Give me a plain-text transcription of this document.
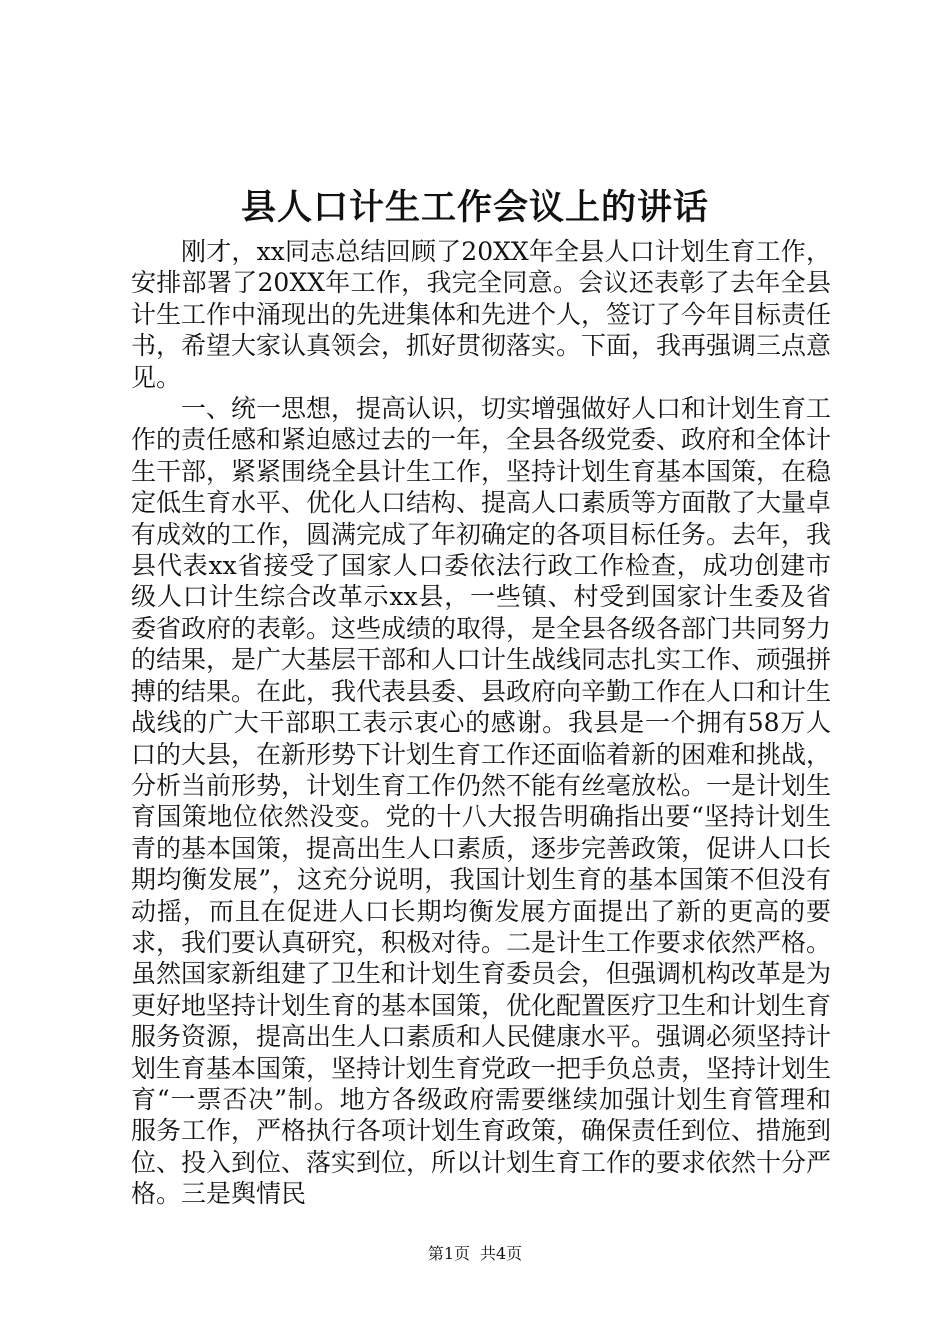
县人口计生工作会议上的讲话

刚才，xx同志总结回顾了20XX年全县人口计划生育工作，安排部署了20XX年工作，我完全同意。会议还表彰了去年全县计生工作中涌现出的先进集体和先进个人，签订了今年目标责任书，希望大家认真领会，抓好贯彻落实。下面，我再强调三点意见。

一、统一思想，提高认识，切实增强做好人口和计划生育工作的责任感和紧迫感过去的一年，全县各级党委、政府和全体计生干部，紧紧围绕全县计生工作，坚持计划生育基本国策，在稳定低生育水平、优化人口结构、提高人口素质等方面散了大量卓有成效的工作，圆满完成了年初确定的各项目标任务。去年，我县代表xx省接受了国家人口委依法行政工作检查，成功创建市级人口计生综合改革示xx县，一些镇、村受到国家计生委及省委省政府的表彰。这些成绩的取得，是全县各级各部门共同努力的结果，是广大基层干部和人口计生战线同志扎实工作、顽强拼搏的结果。在此，我代表县委、县政府向辛勤工作在人口和计生战线的广大干部职工表示衷心的感谢。我县是一个拥有58万人口的大县，在新形势下计划生育工作还面临着新的困难和挑战，分析当前形势，计划生育工作仍然不能有丝毫放松。一是计划生育国策地位依然没变。党的十八大报告明确指出要“坚持计划生青的基本国策，提高出生人口素质，逐步完善政策，促讲人口长期均衡发展”，这充分说明，我国计划生育的基本国策不但没有动摇，而且在促进人口长期均衡发展方面提出了新的更高的要求，我们要认真研究，积极对待。二是计生工作要求依然严格。虽然国家新组建了卫生和计划生育委员会，但强调机构改革是为更好地坚持计划生育的基本国策，优化配置医疗卫生和计划生育服务资源，提高出生人口素质和人民健康水平。强调必须坚持计划生育基本国策，坚持计划生育党政一把手负总责，坚持计划生育“一票否决”制。地方各级政府需要继续加强计划生育管理和服务工作，严格执行各项计划生育政策，确保责任到位、措施到位、投入到位、落实到位，所以计划生育工作的要求依然十分严格。三是舆情民

第1页 共4页
